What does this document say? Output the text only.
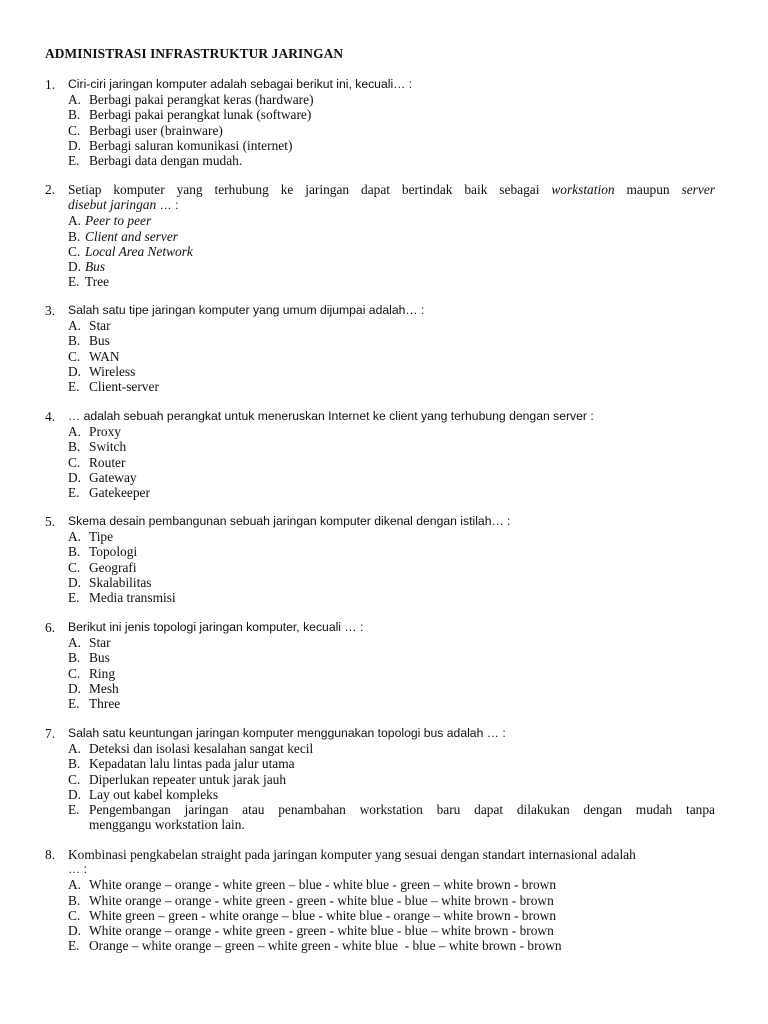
ADMINISTRASI INFRASTRUKTUR JARINGAN
1.	Ciri-ciri jaringan komputer adalah sebagai berikut ini, kecuali… :
A. Berbagi pakai perangkat keras (hardware)
B. Berbagi pakai perangkat lunak (software)
C. Berbagi user (brainware)
D. Berbagi saluran komunikasi (internet)
E. Berbagi data dengan mudah.
2. Setiap komputer yang terhubung ke jaringan dapat bertindak baik sebagai workstation maupun server
disebut jaringan … :
A. Peer to peer
B. Client and server
C. Local Area Network
D. Bus
E. Tree
3.	Salah satu tipe jaringan komputer yang umum dijumpai adalah… :
A. Star
B. Bus
C. WAN
D. Wireless
E. Client-server
4.	… adalah sebuah perangkat untuk meneruskan Internet ke client yang terhubung dengan server :
A. Proxy
B. Switch
C. Router
D. Gateway
E. Gatekeeper
5.	Skema desain pembangunan sebuah jaringan komputer dikenal dengan istilah… :
A. Tipe
B. Topologi
C. Geografi
D. Skalabilitas
E. Media transmisi
6.	Berikut ini jenis topologi jaringan komputer, kecuali … :
A. Star
B. Bus
C. Ring
D. Mesh
E. Three
7.	Salah satu keuntungan jaringan komputer menggunakan topologi bus adalah … :
A. Deteksi dan isolasi kesalahan sangat kecil
B. Kepadatan lalu lintas pada jalur utama
C. Diperlukan repeater untuk jarak jauh
D. Lay out kabel kompleks
E. Pengembangan jaringan atau penambahan workstation baru dapat dilakukan dengan mudah tanpa
menggangu workstation lain.
8. Kombinasi pengkabelan straight pada jaringan komputer yang sesuai dengan standart internasional adalah
… :
A. White orange – orange - white green – blue - white blue - green – white brown - brown
B. White orange – orange - white green - green - white blue - blue – white brown - brown
C. White green – green - white orange – blue - white blue - orange – white brown - brown
D. White orange – orange - white green - green - white blue - blue – white brown - brown
E. Orange – white orange – green – white green - white blue  - blue – white brown - brown
